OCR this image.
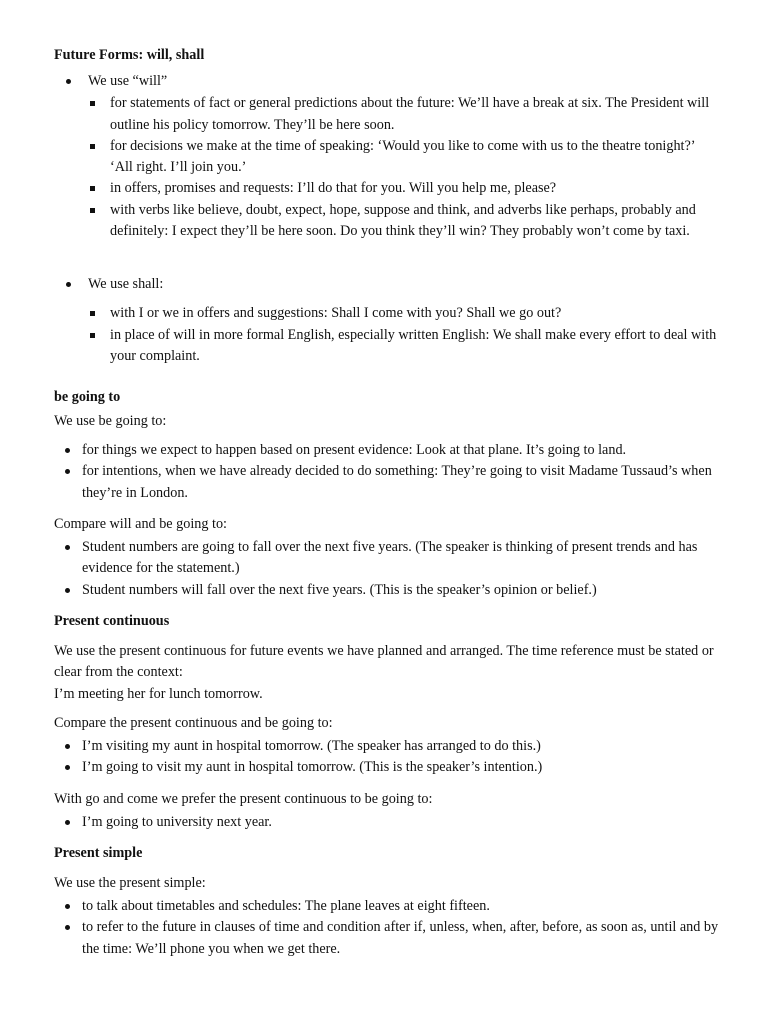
Future Forms: will, shall
We use “will”
for statements of fact or general predictions about the future: We’ll have a break at six. The President will outline his policy tomorrow. They’ll be here soon.
for decisions we make at the time of speaking: ‘Would you like to come with us to the theatre tonight?’ ‘All right. I’ll join you.’
in offers, promises and requests: I’ll do that for you. Will you help me, please?
with verbs like believe, doubt, expect, hope, suppose and think, and adverbs like perhaps, probably and definitely: I expect they’ll be here soon. Do you think they’ll win? They probably won’t come by taxi.
We use shall:
with I or we in offers and suggestions: Shall I come with you? Shall we go out?
in place of will in more formal English, especially written English: We shall make every effort to deal with your complaint.
be going to

We use be going to:

for things we expect to happen based on present evidence: Look at that plane. It’s going to land.
for intentions, when we have already decided to do something: They’re going to visit Madame Tussaud’s when they’re in London.

Compare will and be going to:

Student numbers are going to fall over the next five years. (The speaker is thinking of present trends and has evidence for the statement.)
Student numbers will fall over the next five years. (This is the speaker’s opinion or belief.)
Present continuous

We use the present continuous for future events we have planned and arranged. The time reference must be stated or clear from the context:

I’m meeting her for lunch tomorrow.

Compare the present continuous and be going to:

I’m visiting my aunt in hospital tomorrow. (The speaker has arranged to do this.)
I’m going to visit my aunt in hospital tomorrow. (This is the speaker’s intention.)

With go and come we prefer the present continuous to be going to:

I’m going to university next year.
Present simple

We use the present simple:

to talk about timetables and schedules: The plane leaves at eight fifteen.
to refer to the future in clauses of time and condition after if, unless, when, after, before, as soon as, until and by the time: We’ll phone you when we get there.
